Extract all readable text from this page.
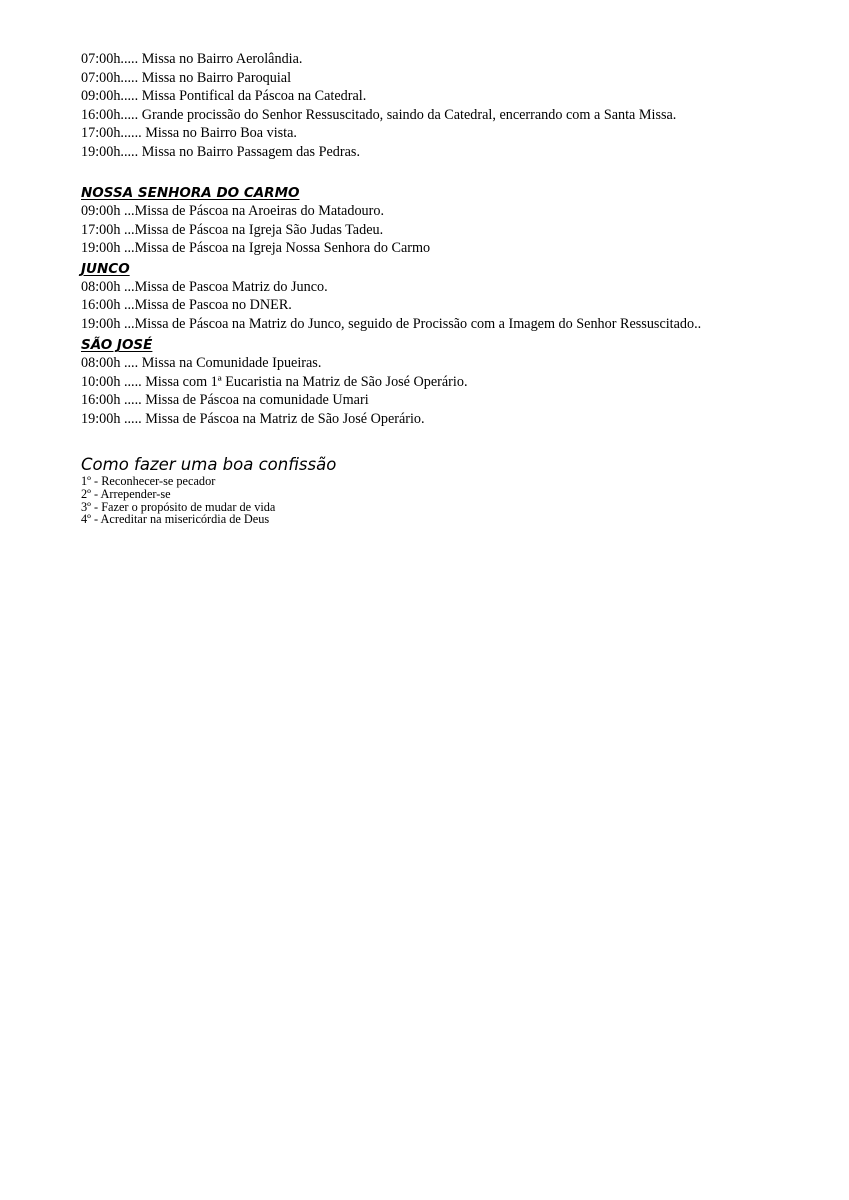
07:00h..... Missa no Bairro Aerolândia.
07:00h..... Missa no Bairro Paroquial
09:00h..... Missa Pontifical da Páscoa na Catedral.
16:00h..... Grande procissão do Senhor Ressuscitado, saindo da Catedral, encerrando com a Santa Missa.
17:00h...... Missa no Bairro Boa vista.
19:00h..... Missa no Bairro Passagem das Pedras.
NOSSA SENHORA DO CARMO
09:00h ...Missa de Páscoa na Aroeiras do Matadouro.
17:00h ...Missa de Páscoa na Igreja São Judas Tadeu.
19:00h ...Missa de Páscoa na Igreja Nossa Senhora do Carmo
JUNCO
08:00h ...Missa de Pascoa Matriz do Junco.
16:00h ...Missa de Pascoa no DNER.
19:00h ...Missa de Páscoa na Matriz do Junco, seguido de Procissão com a Imagem do Senhor Ressuscitado..
SÃO JOSÉ
08:00h .... Missa na Comunidade Ipueiras.
10:00h ..... Missa com 1ª Eucaristia na Matriz de São José Operário.
16:00h ..... Missa de Páscoa na comunidade Umari
19:00h ..... Missa de Páscoa na Matriz de São José Operário.
Como fazer uma boa confissão
1º - Reconhecer-se pecador
2º - Arrepender-se
3º - Fazer o propósito de mudar de vida
4º - Acreditar na misericórdia de Deus
